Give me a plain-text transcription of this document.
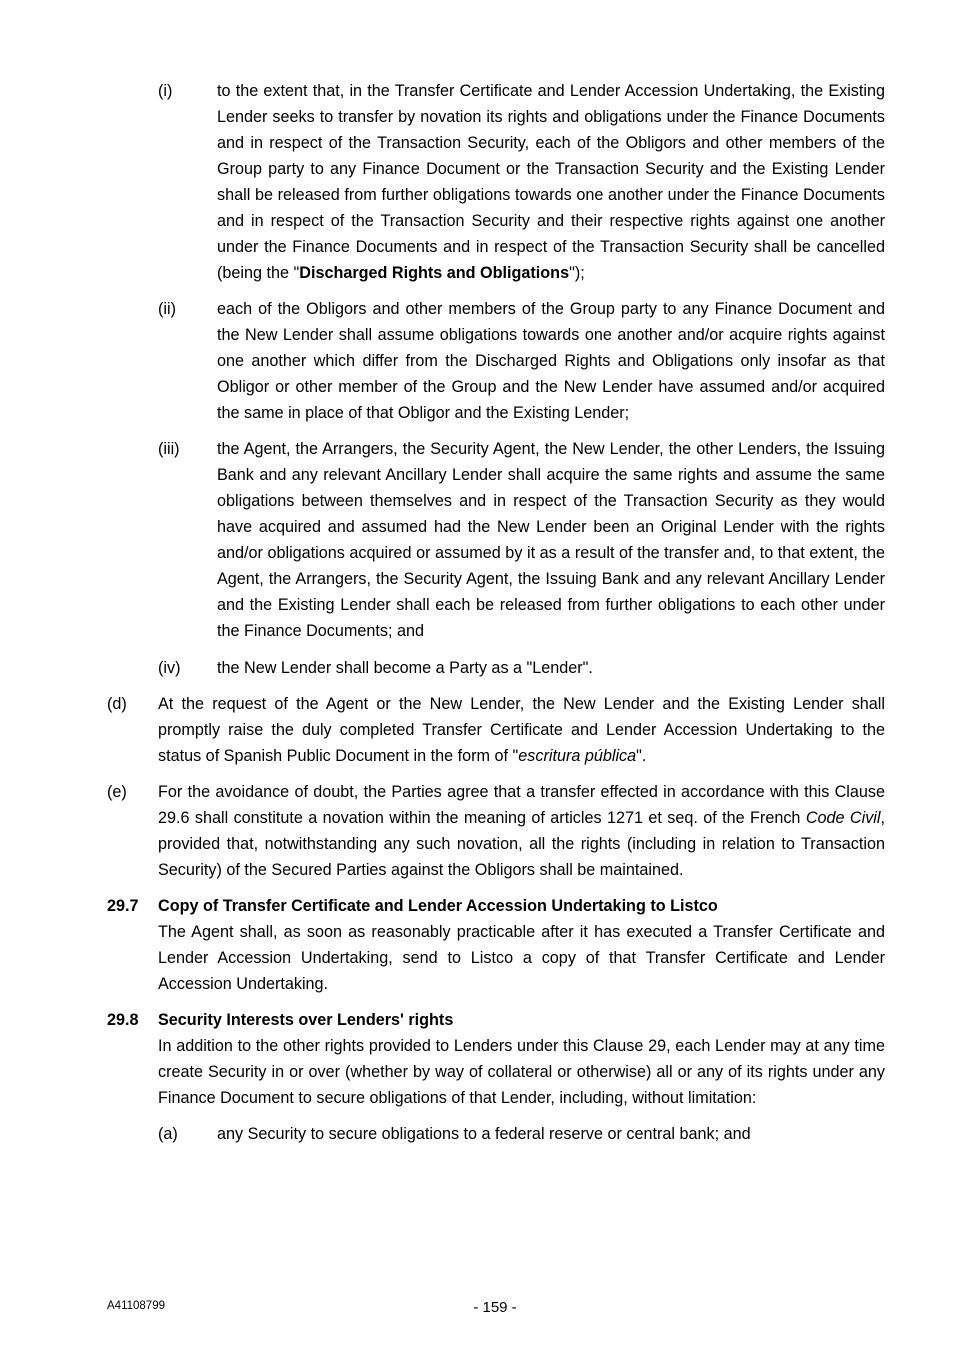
(i)	to the extent that, in the Transfer Certificate and Lender Accession Undertaking, the Existing Lender seeks to transfer by novation its rights and obligations under the Finance Documents and in respect of the Transaction Security, each of the Obligors and other members of the Group party to any Finance Document or the Transaction Security and the Existing Lender shall be released from further obligations towards one another under the Finance Documents and in respect of the Transaction Security and their respective rights against one another under the Finance Documents and in respect of the Transaction Security shall be cancelled (being the "Discharged Rights and Obligations");
(ii)	each of the Obligors and other members of the Group party to any Finance Document and the New Lender shall assume obligations towards one another and/or acquire rights against one another which differ from the Discharged Rights and Obligations only insofar as that Obligor or other member of the Group and the New Lender have assumed and/or acquired the same in place of that Obligor and the Existing Lender;
(iii) the Agent, the Arrangers, the Security Agent, the New Lender, the other Lenders, the Issuing Bank and any relevant Ancillary Lender shall acquire the same rights and assume the same obligations between themselves and in respect of the Transaction Security as they would have acquired and assumed had the New Lender been an Original Lender with the rights and/or obligations acquired or assumed by it as a result of the transfer and, to that extent, the Agent, the Arrangers, the Security Agent, the Issuing Bank and any relevant Ancillary Lender and the Existing Lender shall each be released from further obligations to each other under the Finance Documents; and
(iv) the New Lender shall become a Party as a "Lender".
(d) At the request of the Agent or the New Lender, the New Lender and the Existing Lender shall promptly raise the duly completed Transfer Certificate and Lender Accession Undertaking to the status of Spanish Public Document in the form of "escritura pública".
(e) For the avoidance of doubt, the Parties agree that a transfer effected in accordance with this Clause 29.6 shall constitute a novation within the meaning of articles 1271 et seq. of the French Code Civil, provided that, notwithstanding any such novation, all the rights (including in relation to Transaction Security) of the Secured Parties against the Obligors shall be maintained.
29.7 Copy of Transfer Certificate and Lender Accession Undertaking to Listco
The Agent shall, as soon as reasonably practicable after it has executed a Transfer Certificate and Lender Accession Undertaking, send to Listco a copy of that Transfer Certificate and Lender Accession Undertaking.
29.8 Security Interests over Lenders' rights
In addition to the other rights provided to Lenders under this Clause 29, each Lender may at any time create Security in or over (whether by way of collateral or otherwise) all or any of its rights under any Finance Document to secure obligations of that Lender, including, without limitation:
(a) any Security to secure obligations to a federal reserve or central bank; and
A41108799	- 159 -
